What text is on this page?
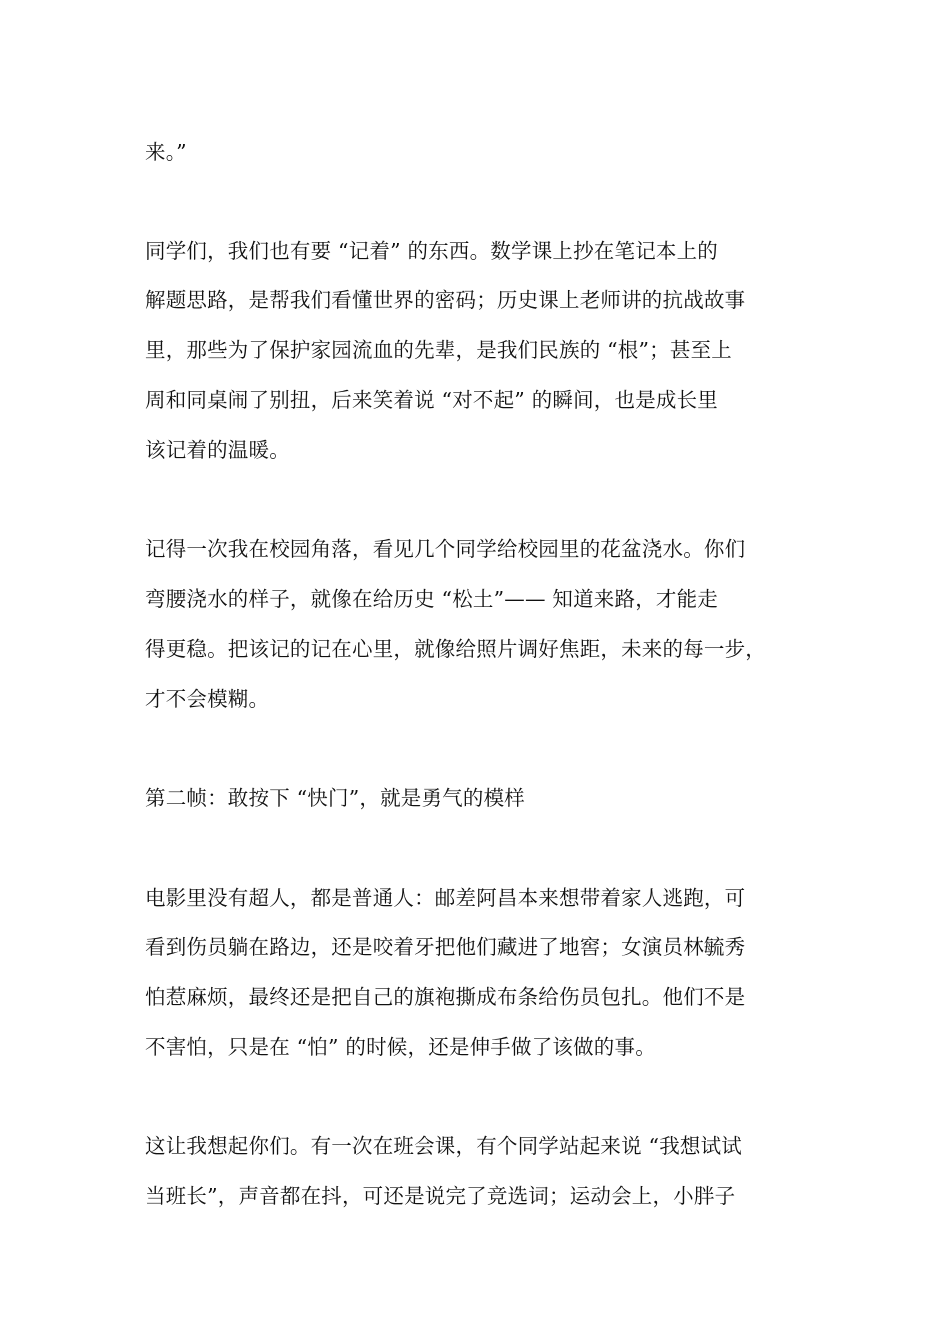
来。”

同学们，我们也有要 “记着” 的东西。数学课上抄在笔记本上的

解题思路，是帮我们看懂世界的密码；历史课上老师讲的抗战故事

里，那些为了保护家园流血的先辈，是我们民族的 “根”；甚至上

周和同桌闹了别扭，后来笑着说 “对不起” 的瞬间，也是成长里

该记着的温暖。

记得一次我在校园角落，看见几个同学给校园里的花盆浇水。你们

弯腰浇水的样子，就像在给历史 “松土”—— 知道来路，才能走

得更稳。把该记的记在心里，就像给照片调好焦距，未来的每一步，

才不会模糊。

第二帧：敢按下 “快门”，就是勇气的模样

电影里没有超人，都是普通人：邮差阿昌本来想带着家人逃跑，可

看到伤员躺在路边，还是咬着牙把他们藏进了地窖；女演员林毓秀

怕惹麻烦，最终还是把自己的旗袍撕成布条给伤员包扎。他们不是

不害怕，只是在 “怕” 的时候，还是伸手做了该做的事。

这让我想起你们。有一次在班会课，有个同学站起来说 “我想试试

当班长”，声音都在抖，可还是说完了竞选词；运动会上，小胖子
